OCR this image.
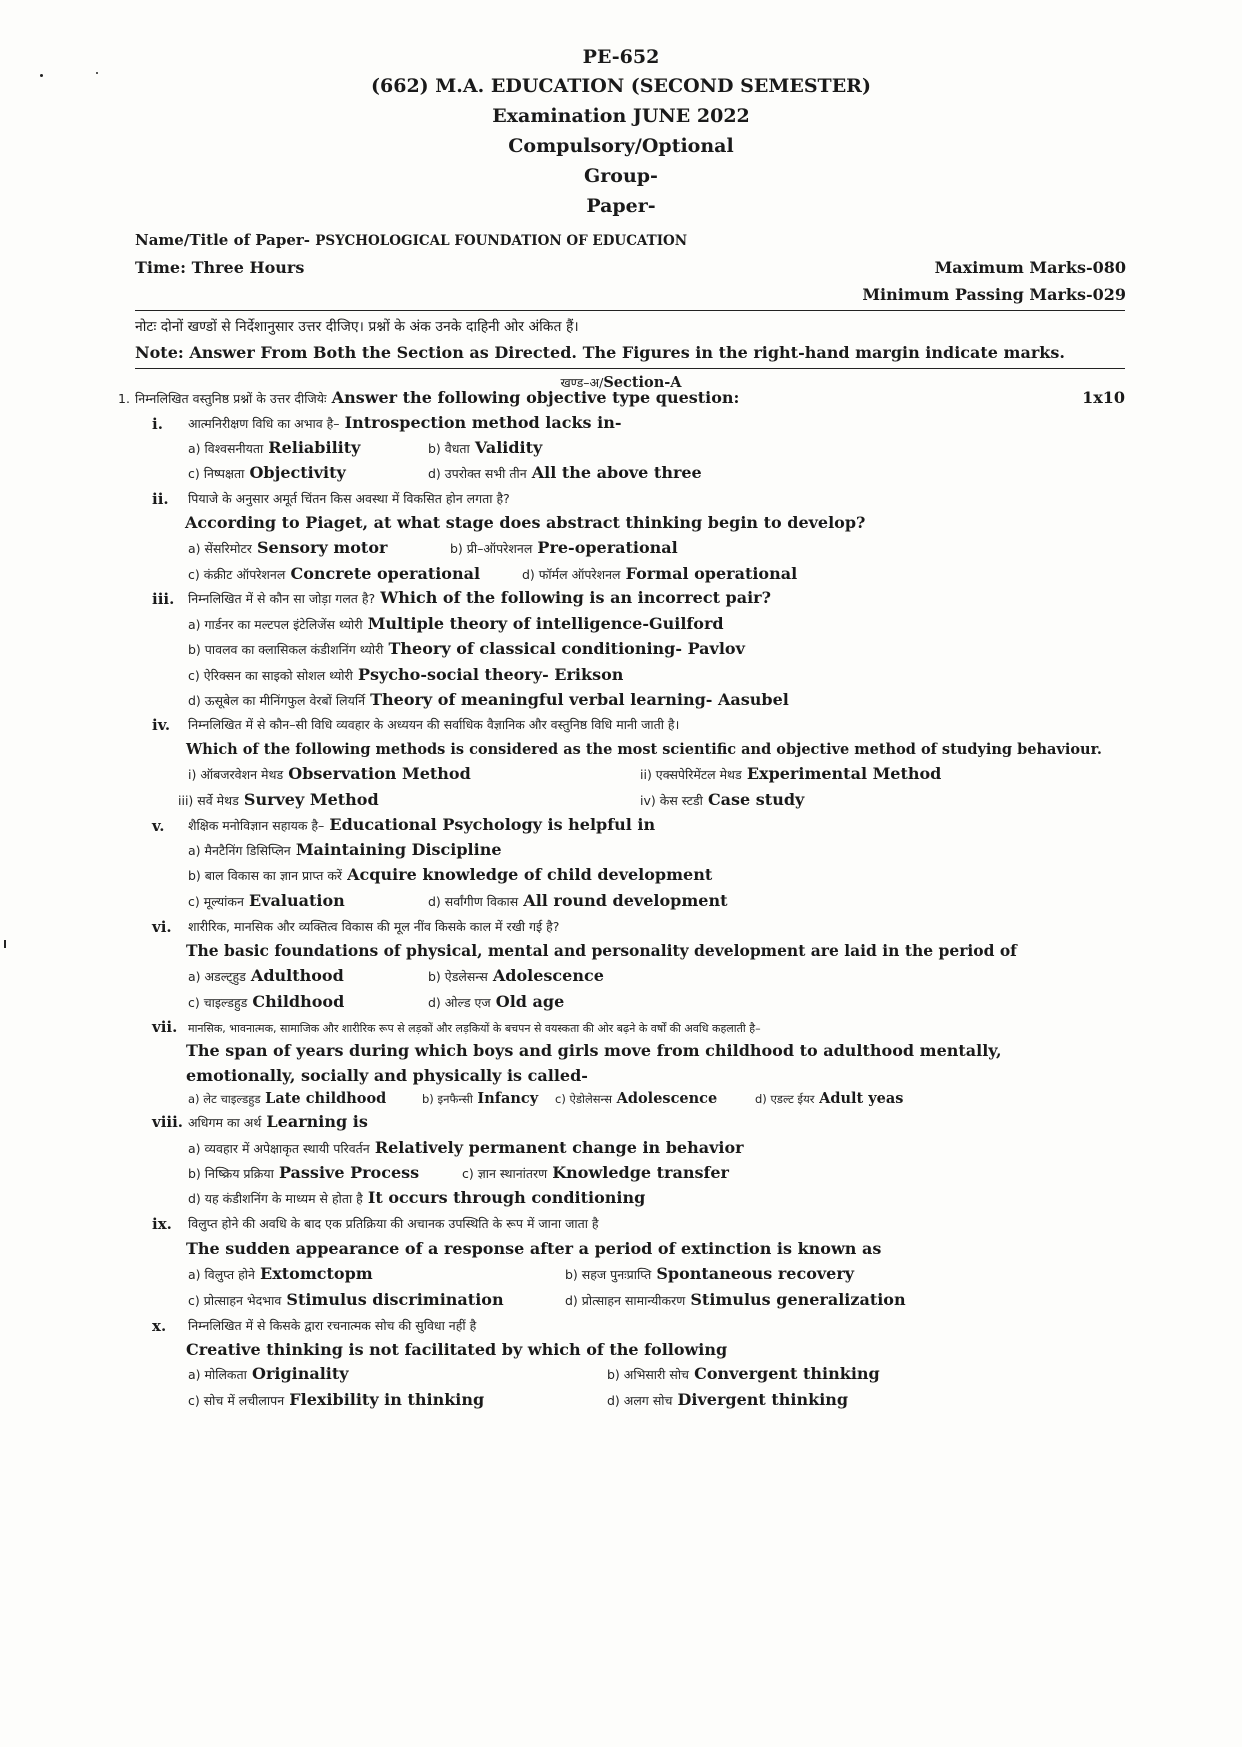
PE-652
(662) M.A. EDUCATION (SECOND SEMESTER)
Examination JUNE 2022
Compulsory/Optional
Group-
Paper-
Name/Title of Paper- PSYCHOLOGICAL FOUNDATION OF EDUCATION
Time: Three Hours	Maximum Marks-080
Minimum Passing Marks-029
नोटः दोनों खण्डों से निर्देशानुसार उत्तर दीजिए। प्रश्नों के अंक उनके दाहिनी ओर अंकित हैं।
Note: Answer From Both the Section as Directed. The Figures in the right-hand margin indicate marks.
खण्ड–अ/Section-A
1. निम्नलिखित वस्तुनिष्ठ प्रश्नों के उत्तर दीजियेः Answer the following objective type question:	1x10
i. आत्मनिरीक्षण विधि का अभाव है– Introspection method lacks in-
a) विश्वसनीयता Reliability	b) वैधता Validity
c) निष्पक्षता Objectivity	d) उपरोक्त सभी तीन All the above three
ii. पियाजे के अनुसार अमूर्त चिंतन किस अवस्था में विकसित होन लगता है?
According to Piaget, at what stage does abstract thinking begin to develop?
a) सेंसरिमोटर Sensory motor	b) प्री–ऑपरेशनल Pre-operational
c) कंक्रीट ऑपरेशनल Concrete operational	d) फॉर्मल ऑपरेशनल Formal operational
iii. निम्नलिखित में से कौन सा जोड़ा गलत है? Which of the following is an incorrect pair?
a) गार्डनर का मल्टपल इंटेलिजेंस थ्योरी Multiple theory of intelligence-Guilford
b) पावलव का क्लासिकल कंडीशनिंग थ्योरी Theory of classical conditioning- Pavlov
c) ऐरिक्सन का साइको सोशल थ्योरी Psycho-social theory- Erikson
d) ऊसूबेल का मीनिंगफुल वेरबों लियर्नि Theory of meaningful verbal learning- Aasubel
iv. निम्नलिखित में से कौन–सी विधि व्यवहार के अध्ययन की सर्वाधिक वैज्ञानिक और वस्तुनिष्ठ विधि मानी जाती है।
Which of the following methods is considered as the most scientific and objective method of studying behaviour.
i) ऑबजरवेशन मेथड Observation Method	ii) एक्सपेरिमेंटल मेथड Experimental Method
iii) सर्वे मेथड Survey Method	iv) केस स्टडी Case study
v. शैक्षिक मनोविज्ञान सहायक है– Educational Psychology is helpful in
a) मैनटैनिंग डिसिप्लिन Maintaining Discipline
b) बाल विकास का ज्ञान प्राप्त करें Acquire knowledge of child development
c) मूल्यांकन Evaluation	d) सर्वांगीण विकास All round development
vi. शारीरिक, मानसिक और व्यक्तित्व विकास की मूल नींव किसके काल में रखी गई है?
The basic foundations of physical, mental and personality development are laid in the period of
a) अडल्ट्हुड Adulthood	b) ऐडलेसन्स Adolescence
c) चाइल्डहुड Childhood	d) ओल्ड एज Old age
vii. मानसिक, भावनात्मक, सामाजिक और शारीरिक रूप से लड़कों और लड़कियों के बचपन से वयस्कता की ओर बढ़ने के वर्षों की अवधि कहलाती है–
The span of years during which boys and girls move from childhood to adulthood mentally,
emotionally, socially and physically is called-
a) लेट चाइल्डहुड Late childhood	b) इनफैन्सी Infancy c) ऐडोलेसन्स Adolescence	d) एडल्ट ईयर Adult yeas
viii. अधिगम का अर्थ Learning is
a) व्यवहार में अपेक्षाकृत स्थायी परिवर्तन Relatively permanent change in behavior
b) निष्क्रिय प्रक्रिया Passive Process	c) ज्ञान स्थानांतरण Knowledge transfer
d) यह कंडीशनिंग के माध्यम से होता है It occurs through conditioning
ix. विलुप्त होने की अवधि के बाद एक प्रतिक्रिया की अचानक उपस्थिति के रूप में जाना जाता है
The sudden appearance of a response after a period of extinction is known as
a) विलुप्त होने Extomctopm	b) सहज पुनःप्राप्ति Spontaneous recovery
c) प्रोत्साहन भेदभाव Stimulus discrimination	d) प्रोत्साहन सामान्यीकरण Stimulus generalization
x. निम्नलिखित में से किसके द्वारा रचनात्मक सोच की सुविधा नहीं है
Creative thinking is not facilitated by which of the following
a) मोलिकता Originality	b) अभिसारी सोच Convergent thinking
c) सोच में लचीलापन Flexibility in thinking	d) अलग सोच Divergent thinking
